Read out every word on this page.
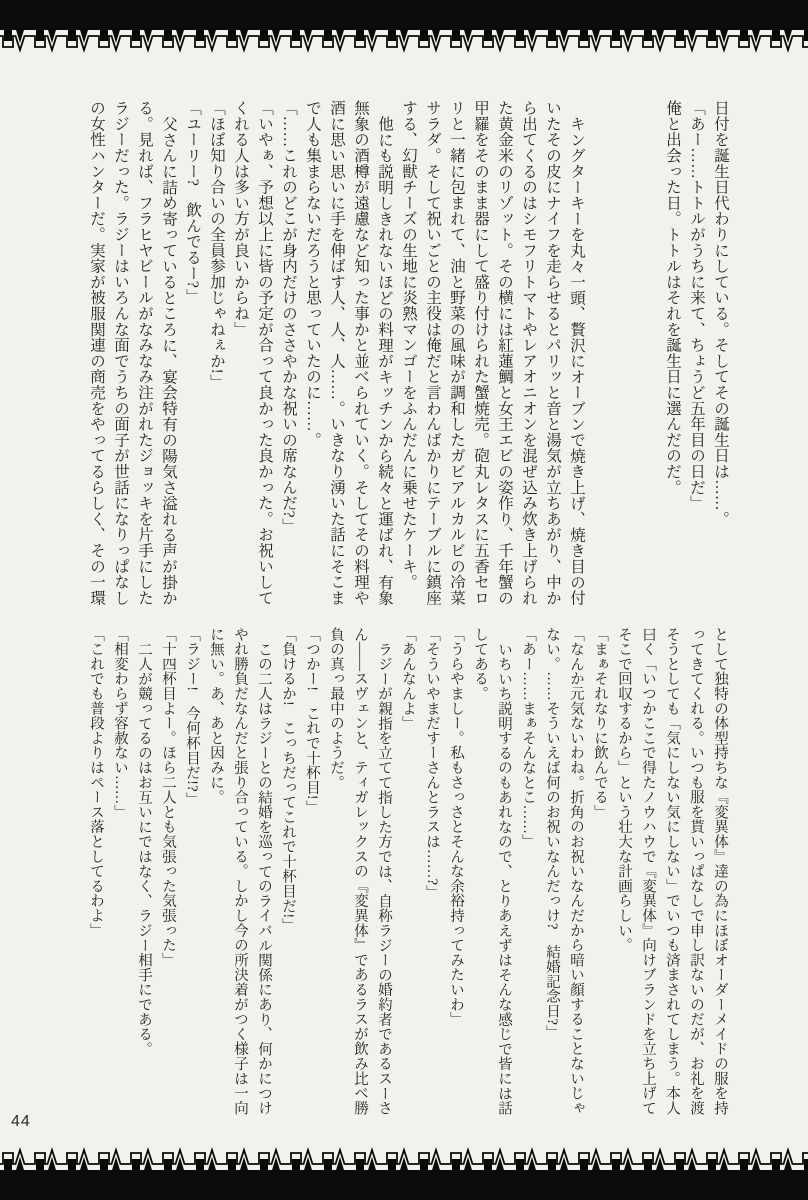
日付を誕生日代わりにしている。そしてその誕生日は……。

「あー……トトルがうちに来て、ちょうど五年目の日だ」

俺と出会った日。トトルはそれを誕生日に選んだのだ。

キングターキーを丸々一頭、贅沢にオーブンで焼き上げ、焼き目の付いたその皮にナイフを走らせるとパリッと音と湯気が立ちあがり、中から出てくるのはシモフリトマトやレアオニオンを混ぜ込み炊き上げられた黄金米のリゾット。その横には紅蓮鯛と女王エビの姿作り、千年蟹の甲羅をそのまま器にして盛り付けられた蟹焼売。砲丸レタスに五香セロリと一緒に包まれて、油と野菜の風味が調和したガビアルカルビの冷菜サラダ。そして祝いごとの主役は俺だと言わんばかりにテーブルに鎮座する、幻獣チーズの生地に炎熟マンゴーをふんだんに乗せたケーキ。

他にも説明しきれないほどの料理がキッチンから続々と運ばれ、有象無象の酒樽が遠慮など知った事かと並べられていく。そしてその料理や酒に思い思いに手を伸ばす人、人、人……。いきなり湧いた話にそこまで人も集まらないだろうと思っていたのに……。

「……これのどこが身内だけのささやかな祝いの席なんだ?」

「いやぁ、予想以上に皆の予定が合って良かった良かった。お祝いしてくれる人は多い方が良いからね」

「ほぼ知り合いの全員参加じゃねぇか!」

「ユーリー?　飲んでるー?」

父さんに詰め寄っているところに、宴会特有の陽気さ溢れる声が掛かる。見れば、フラヒヤビールがなみなみ注がれたジョッキを片手にしたラジーだった。ラジーはいろんな面でうちの面子が世話になりっぱなしの女性ハンターだ。実家が被服関連の商売をやってるらしく、その一環

として独特の体型持ちな『変異体』達の為にほぼオーダーメイドの服を持ってきてくれる。いつも服を貰いっぱなしで申し訳ないのだが、お礼を渡そうとしても「気にしない気にしない」でいつも済まされてしまう。本人曰く「いつかここで得たノウハウで『変異体』向けブランドを立ち上げてそこで回収するから」という壮大な計画らしい。

「まぁそれなりに飲んでる」

「なんか元気ないわね。折角のお祝いなんだから暗い顔することないじゃない。……そういえば何のお祝いなんだっけ?　結婚記念日?」

「あー……まぁそんなとこ……」

いちいち説明するのもあれなので、とりあえずはそんな感じで皆には話してある。

「うらやましー。私もさっさとそんな余裕持ってみたいわ」

「そういやまだすーさんとラスは……?」

「あんなんよ」

ラジーが親指を立てて指した方では、自称ラジーの婚約者であるスーさん――スヴェンと、ティガレックスの『変異体』であるラスが飲み比べ勝負の真っ最中のようだ。

「つかー!　これで十杯目!」

「負けるか!　こっちだってこれで十杯目だ!」

この二人はラジーとの結婚を巡ってのライバル関係にあり、何かにつけやれ勝負だなんだと張り合っている。しかし今の所決着がつく様子は一向に無い。あ、あと因みに。

「ラジー!　今何杯目だ!?」

「十四杯目よー。ほら二人とも気張った気張った」

二人が競ってるのはお互いにではなく、ラジー相手にである。

「相変わらず容赦ない……」

「これでも普段よりはペース落としてるわよ」

44
